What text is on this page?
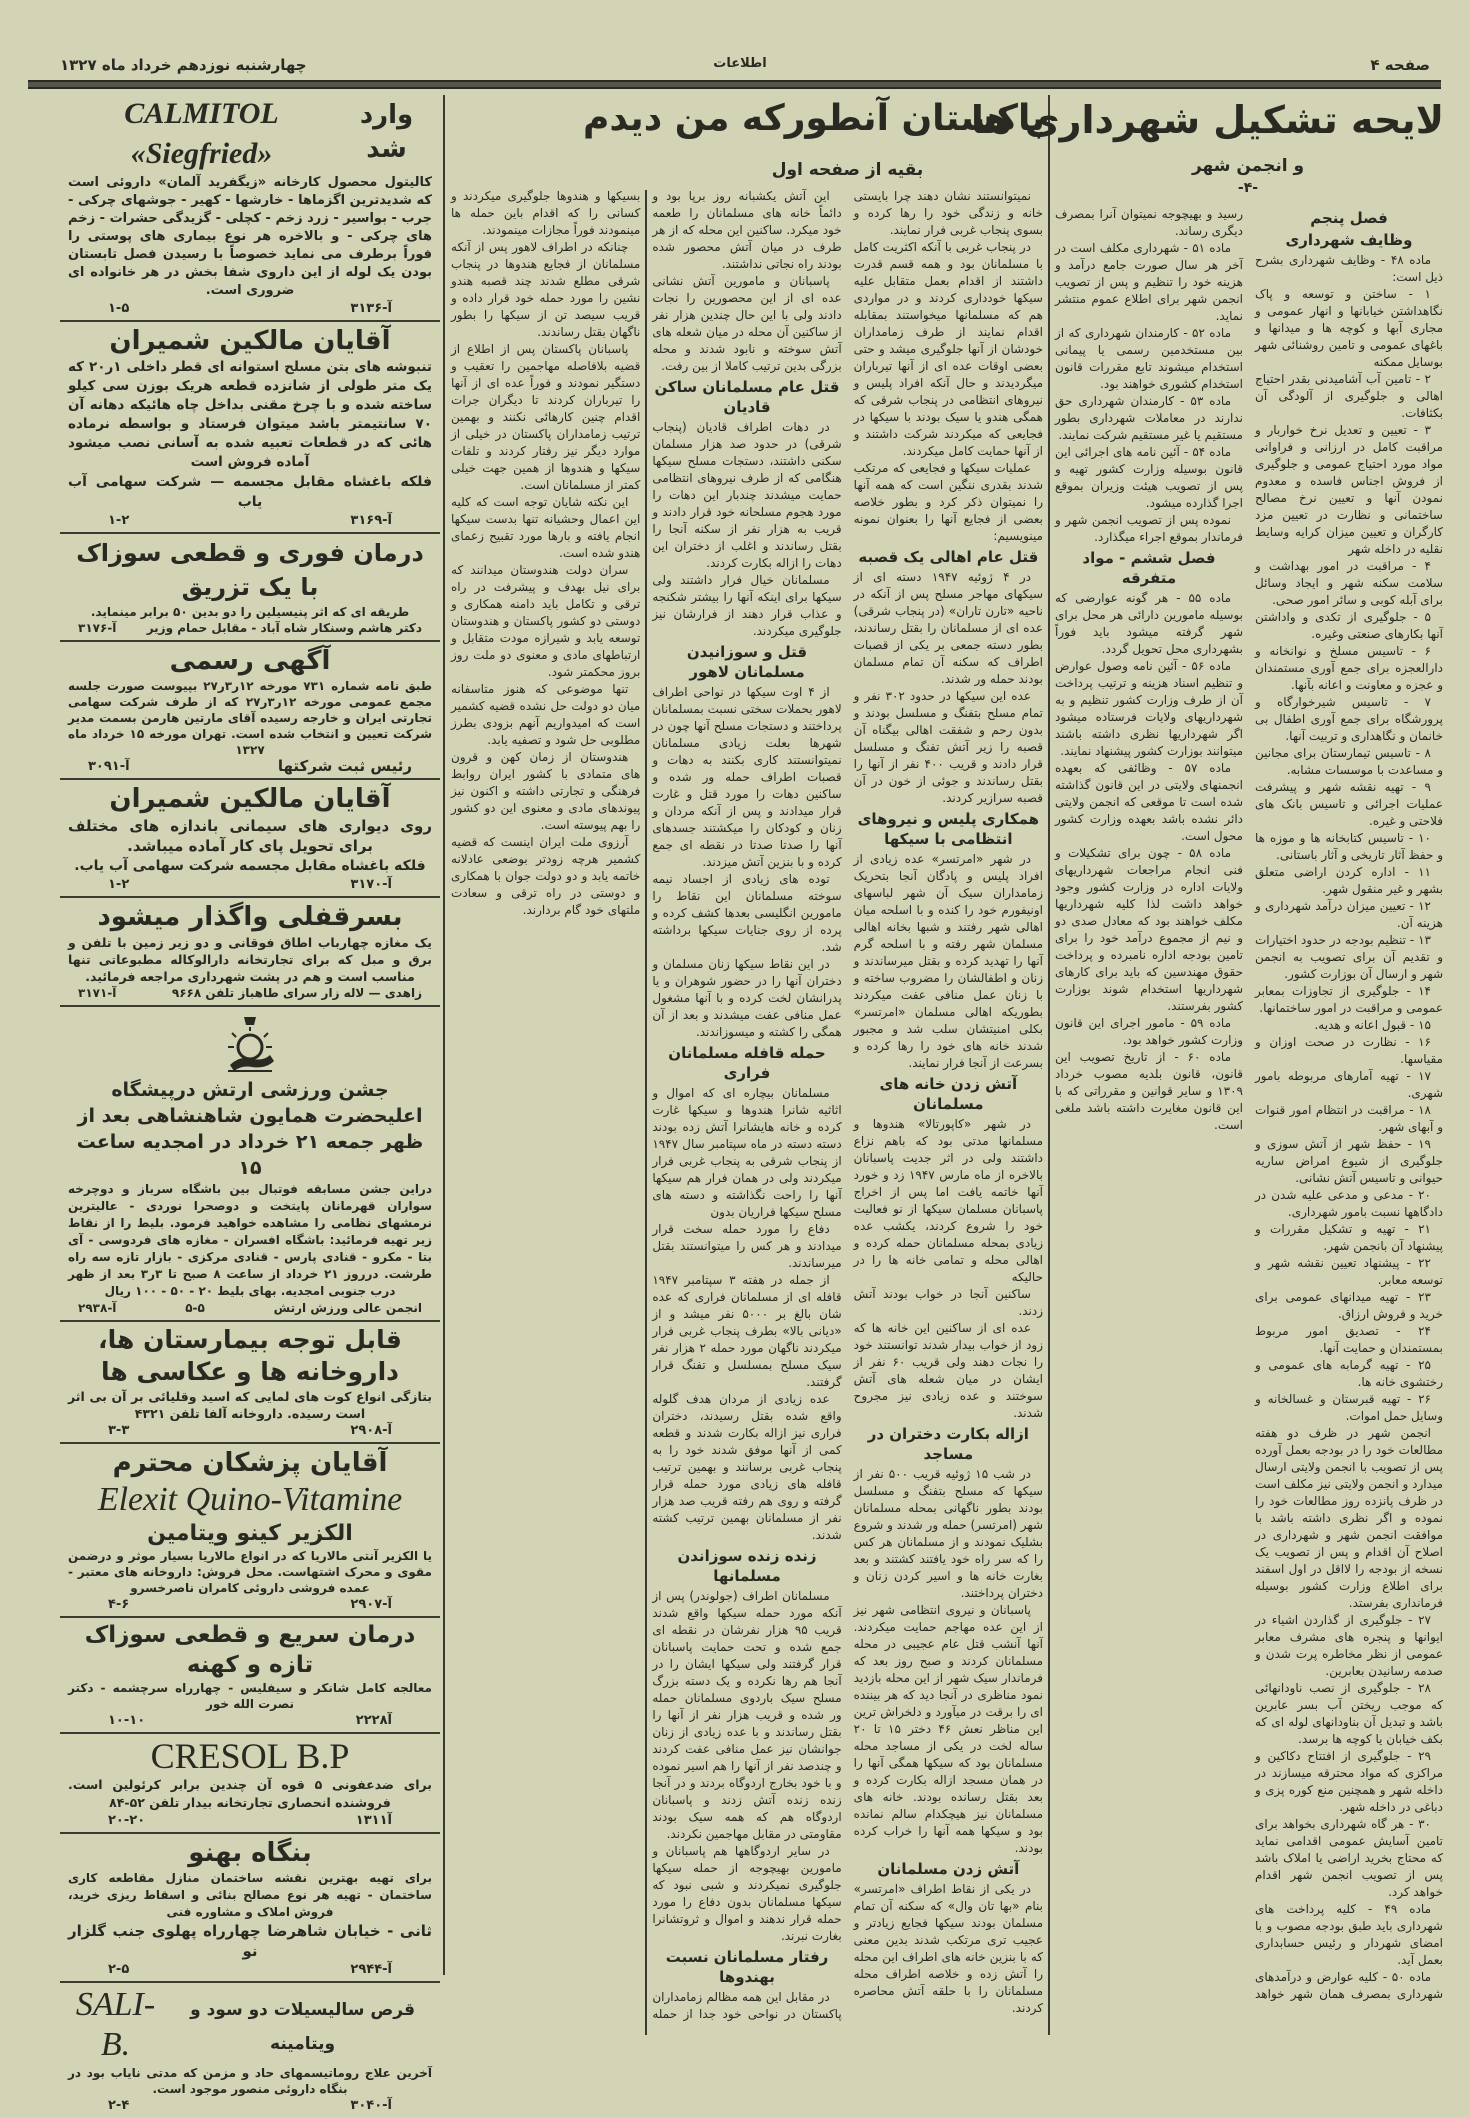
صفحه ۴
اطلاعات
چهارشنبه نوزدهم خرداد ماه ۱۳۲۷
لایحه تشکیل شهرداری ها
و انجمن شهر
-۴-
فصل پنجم
وظایف شهرداری

ماده ۴۸ - وظایف شهرداری بشرح ذیل است:

۱ - ساختن و توسعه و پاک نگاهداشتن خیابانها و انهار عمومی و مجاری آبها و کوچه ها و میدانها و باغهای عمومی و تامین روشنائی شهر بوسایل ممکنه

۲ - تامین آب آشامیدنی بقدر احتیاج اهالی و جلوگیری از آلودگی آن بکثافات.

۳ - تعیین و تعدیل نرخ خواربار و مراقبت کامل در ارزانی و فراوانی مواد مورد احتیاج عمومی و جلوگیری از فروش اجناس فاسده و معدوم نمودن آنها و تعیین نرخ مصالح ساختمانی و نظارت در تعیین مزد کارگران و تعیین میزان کرایه وسایط نقلیه در داخله شهر

۴ - مراقبت در امور بهداشت و سلامت سکنه شهر و ایجاد وسائل برای آبله کوبی و سائر امور صحی.

۵ - جلوگیری از تکدی و واداشتن آنها بکارهای صنعتی وغیره.

۶ - تاسیس مسلخ و نوانخانه و دارالعجزه برای جمع آوری مستمندان و عجزه و معاونت و اعانه بآنها.

۷ - تاسیس شیرخوارگاه و پرورشگاه برای جمع آوری اطفال بی خانمان و نگاهداری و تربیت آنها.

۸ - تاسیس تیمارستان برای مجانین و مساعدت با موسسات مشابه.

۹ - تهیه نقشه شهر و پیشرفت عملیات اجرائی و تاسیس بانک های فلاحتی و غیره.

۱۰ - تاسیس کتابخانه ها و موزه ها و حفظ آثار تاریخی و آثار باستانی.

۱۱ - اداره کردن اراضی متعلق بشهر و غیر منقول شهر.

۱۲ - تعیین میزان درآمد شهرداری و هزینه آن.

۱۳ - تنظیم بودجه در حدود اختیارات و تقدیم آن برای تصویب به انجمن شهر و ارسال آن بوزارت کشور.

۱۴ - جلوگیری از تجاوزات بمعابر عمومی و مراقبت در امور ساختمانها.

۱۵ - قبول اعانه و هدیه.

۱۶ - نظارت در صحت اوزان و مقیاسها.

۱۷ - تهیه آمارهای مربوطه بامور شهری.

۱۸ - مراقبت در انتظام امور قنوات و آبهای شهر.

۱۹ - حفظ شهر از آتش سوزی و جلوگیری از شیوع امراض ساریه حیوانی و تاسیس آتش نشانی.

۲۰ - مدعی و مدعی علیه شدن در دادگاهها نسبت بامور شهرداری.

۲۱ - تهیه و تشکیل مقررات و پیشنهاد آن بانجمن شهر.

۲۲ - پیشنهاد تعیین نقشه شهر و توسعه معابر.

۲۳ - تهیه میدانهای عمومی برای خرید و فروش ارزاق.

۲۴ - تصدیق امور مربوط بمستمندان و حمایت آنها.

۲۵ - تهیه گرمابه های عمومی و رختشوی خانه ها.

۲۶ - تهیه قبرستان و غسالخانه و وسایل حمل اموات.

انجمن شهر در ظرف دو هفته مطالعات خود را در بودجه بعمل آورده پس از تصویب با انجمن ولایتی ارسال میدارد و انجمن ولایتی نیز مکلف است در ظرف پانزده روز مطالعات خود را نموده و اگر نظری داشته باشد با موافقت انجمن شهر و شهرداری در اصلاح آن اقدام و پس از تصویب یک نسخه از بودجه را لااقل در اول اسفند برای اطلاع وزارت کشور بوسیله فرمانداری بفرستد.

۲۷ - جلوگیری از گذاردن اشیاء در ایوانها و پنجره های مشرف معابر عمومی از نظر مخاطره پرت شدن و صدمه رسانیدن بعابرین.

۲۸ - جلوگیری از نصب ناودانهائی که موجب ریختن آب بسر عابرین باشد و تبدیل آن بناودانهای لوله ای که بکف خیابان یا کوچه ها برسد.

۲۹ - جلوگیری از افتتاح دکاکین و مراکزی که مواد محترقه میسازند در داخله شهر و همچنین منع کوره پزی و دباغی در داخله شهر.

۳۰ - هر گاه شهرداری بخواهد برای تامین آسایش عمومی اقدامی نماید که محتاج بخرید اراضی یا املاک باشد پس از تصویب انجمن شهر اقدام خواهد کرد.

ماده ۴۹ - کلیه پرداخت های شهرداری باید طبق بودجه مصوب و با امضای شهردار و رئیس حسابداری بعمل آید.

ماده ۵۰ - کلیه عوارض و درآمدهای شهرداری بمصرف همان شهر خواهد رسید و بهیچوجه نمیتوان آنرا بمصرف دیگری رساند.

ماده ۵۱ - شهرداری مکلف است در آخر هر سال صورت جامع درآمد و هزینه خود را تنظیم و پس از تصویب انجمن شهر برای اطلاع عموم منتشر نماید.

ماده ۵۲ - کارمندان شهرداری که از بین مستخدمین رسمی یا پیمانی استخدام میشوند تابع مقررات قانون استخدام کشوری خواهند بود.

ماده ۵۳ - کارمندان شهرداری حق ندارند در معاملات شهرداری بطور مستقیم یا غیر مستقیم شرکت نمایند.

ماده ۵۴ - آئین نامه های اجرائی این قانون بوسیله وزارت کشور تهیه و پس از تصویب هیئت وزیران بموقع اجرا گذارده میشود.

نموده پس از تصویب انجمن شهر و فرماندار بموقع اجراء میگذارد.

فصل ششم - مواد متفرقه

ماده ۵۵ - هر گونه عوارضی که بوسیله مامورین دارائی هر محل برای شهر گرفته میشود باید فوراً بشهرداری محل تحویل گردد.

ماده ۵۶ - آئین نامه وصول عوارض و تنظیم اسناد هزینه و ترتیب پرداخت آن از طرف وزارت کشور تنظیم و به شهرداریهای ولایات فرستاده میشود اگر شهرداریها نظری داشته باشند میتوانند بوزارت کشور پیشنهاد نمایند.

ماده ۵۷ - وظائفی که بعهده انجمنهای ولایتی در این قانون گذاشته شده است تا موقعی که انجمن ولایتی دائر نشده باشد بعهده وزارت کشور محول است.

ماده ۵۸ - چون برای تشکیلات و فنی انجام مراجعات شهرداریهای ولایات اداره در وزارت کشور وجود خواهد داشت لذا کلیه شهرداریها مکلف خواهند بود که معادل صدی دو و نیم از مجموع درآمد خود را برای تامین بودجه اداره نامبرده و پرداخت حقوق مهندسین که باید برای کارهای شهرداریها استخدام شوند بوزارت کشور بفرستند.

ماده ۵۹ - مامور اجرای این قانون وزارت کشور خواهد بود.

ماده ۶۰ - از تاریخ تصویب این قانون، قانون بلدیه مصوب خرداد ۱۳۰۹ و سایر قوانین و مقرراتی که با این قانون مغایرت داشته باشد ملغی است.

پاکستان آنطورکه من دیدم
بقیه از صفحه اول

نمیتوانستند نشان دهند چرا بایستی خانه و زندگی خود را رها کرده و بسوی پنجاب غربی فرار نمایند.

در پنجاب غربی با آنکه اکثریت کامل با مسلمانان بود و همه قسم قدرت داشتند از اقدام بعمل متقابل علیه سیکها خودداری کردند و در مواردی هم که مسلمانها میخواستند بمقابله اقدام نمایند از طرف زمامداران خودشان از آنها جلوگیری میشد و حتی بعضی اوقات عده ای از آنها تیرباران میگردیدند و حال آنکه افراد پلیس و نیروهای انتظامی در پنجاب شرقی که همگی هندو یا سیک بودند با سیکها در فجایعی که میکردند شرکت داشتند و از آنها حمایت کامل میکردند.

عملیات سیکها و فجایعی که مرتکب شدند بقدری ننگین است که همه آنها را نمیتوان ذکر کرد و بطور خلاصه بعضی از فجایع آنها را بعنوان نمونه مینویسیم:

قتل عام اهالی یک قصبه

در ۴ ژوئیه ۱۹۴۷ دسته ای از سیکهای مهاجر مسلح پس از آنکه در ناحیه «تارن تاران» (در پنجاب شرقی) عده ای از مسلمانان را بقتل رساندند، بطور دسته جمعی بر یکی از قصبات اطراف که سکنه آن تمام مسلمان بودند حمله ور شدند.

عده این سیکها در حدود ۳۰۲ نفر و تمام مسلح بتفنگ و مسلسل بودند و بدون رحم و شفقت اهالی بیگناه آن قصبه را زیر آتش تفنگ و مسلسل قرار دادند و قریب ۴۰۰ نفر از آنها را بقتل رساندند و جوئی از خون در آن قصبه سرازیر کردند.

همکاری پلیس و نیروهای انتظامی با سیکها

در شهر «امرتسر» عده زیادی از افراد پلیس و پادگان آنجا بتحریک زمامداران سیک آن شهر لباسهای اونیفورم خود را کنده و با اسلحه میان اهالی شهر رفتند و شبها بخانه اهالی مسلمان شهر رفته و با اسلحه گرم آنها را تهدید کرده و بقتل میرساندند و زنان و اطفالشان را مضروب ساخته و با زنان عمل منافی عفت میکردند بطوریکه اهالی مسلمان «امرتسر» بکلی امنیتشان سلب شد و مجبور شدند خانه های خود را رها کرده و بسرعت از آنجا فرار نمایند.

آتش زدن خانه های مسلمانان

در شهر «کاپورتالا» هندوها و مسلمانها مدتی بود که باهم نزاع داشتند ولی در اثر جدیت پاسبانان بالاخره از ماه مارس ۱۹۴۷ زد و خورد آنها خاتمه یافت اما پس از اخراج پاسبانان مسلمان سیکها از نو فعالیت خود را شروع کردند، یکشب عده زیادی بمحله مسلمانان حمله کرده و اهالی محله و تمامی خانه ها را در حالیکه

ساکنین آنجا در خواب بودند آتش زدند.

عده ای از ساکنین این خانه ها که زود از خواب بیدار شدند توانستند خود را نجات دهند ولی قریب ۶۰ نفر از ایشان در میان شعله های آتش سوختند و عده زیادی نیز مجروح شدند.

ازاله بکارت دختران در مساجد

در شب ۱۵ ژوئیه قریب ۵۰۰ نفر از سیکها که مسلح بتفنگ و مسلسل بودند بطور ناگهانی بمحله مسلمانان شهر (امرتسر) حمله ور شدند و شروع بشلیک نمودند و از مسلمانان هر کس را که سر راه خود یافتند کشتند و بعد بغارت خانه ها و اسیر کردن زنان و دختران پرداختند.

پاسبانان و نیروی انتظامی شهر نیز از این عده مهاجم حمایت میکردند. آنها آنشب قتل عام عجیبی در محله مسلمانان کردند و صبح روز بعد که فرماندار سیک شهر از این محله بازدید نمود مناظری در آنجا دید که هر بیننده ای را برقت در میآورد و دلخراش ترین این مناظر نعش ۴۶ دختر ۱۵ تا ۲۰ ساله لخت در یکی از مساجد محله مسلمانان بود که سیکها همگی آنها را در همان مسجد ازاله بکارت کرده و بعد بقتل رسانده بودند. خانه های مسلمانان نیز هیچکدام سالم نمانده بود و سیکها همه آنها را خراب کرده بودند.

آتش زدن مسلمانان

در یکی از نقاط اطراف «امرتسر» بنام «بها تان وال» که سکنه آن تمام مسلمان بودند سیکها فجایع زیادتر و عجیب تری مرتکب شدند بدین معنی که با بنزین خانه های اطراف این محله را آتش زده و خلاصه اطراف محله مسلمانان را با حلقه آتش محاصره کردند.

این آتش یکشبانه روز برپا بود و دائماً خانه های مسلمانان را طعمه خود میکرد. ساکنین این محله که از هر طرف در میان آتش محصور شده بودند راه نجاتی نداشتند.

پاسبانان و مامورین آتش نشانی عده ای از این محصورین را نجات دادند ولی با این حال چندین هزار نفر از ساکنین آن محله در میان شعله های آتش سوخته و نابود شدند و محله بزرگی بدین ترتیب کاملا از بین رفت.

قتل عام مسلمانان ساکن قادیان

در دهات اطراف قادیان (پنجاب شرقی) در حدود صد هزار مسلمان سکنی داشتند، دستجات مسلح سیکها هنگامی که از طرف نیروهای انتظامی حمایت میشدند چندبار این دهات را مورد هجوم مسلحانه خود قرار دادند و قریب به هزار نفر از سکنه آنجا را بقتل رساندند و اغلب از دختران این دهات را ازاله بکارت کردند.

مسلمانان خیال فرار داشتند ولی سیکها برای اینکه آنها را بیشتر شکنجه و عذاب قرار دهند از فرارشان نیز جلوگیری میکردند.

قتل و سوزانیدن مسلمانان لاهور

از ۴ اوت سیکها در نواحی اطراف لاهور بحملات سختی نسبت بمسلمانان پرداختند و دستجات مسلح آنها چون در شهرها بعلت زیادی مسلمانان نمیتوانستند کاری بکنند به دهات و قصبات اطراف حمله ور شده و ساکنین دهات را مورد قتل و غارت قرار میدادند و پس از آنکه مردان و زنان و کودکان را میکشتند جسدهای آنها را صدتا صدتا در نقطه ای جمع کرده و با بنزین آتش میزدند.

توده های زیادی از اجساد نیمه سوخته مسلمانان این نقاط را مامورین انگلیسی بعدها کشف کرده و پرده از روی جنایات سیکها برداشته شد.

در این نقاط سیکها زنان مسلمان و دختران آنها را در حضور شوهران و یا پدرانشان لخت کرده و با آنها مشغول عمل منافی عفت میشدند و بعد از آن همگی را کشته و میسوزاندند.

حمله قافله مسلمانان فراری

مسلمانان بیچاره ای که اموال و اثاثیه شانرا هندوها و سیکها غارت کرده و خانه هایشانرا آتش زده بودند دسته دسته در ماه سپتامبر سال ۱۹۴۷ از پنجاب شرقی به پنجاب غربی فرار میکردند ولی در همان فرار هم سیکها آنها را راحت نگذاشته و دسته های مسلح سیکها فراریان بدون

دفاع را مورد حمله سخت قرار میدادند و هر کس را میتوانستند بقتل میرساندند.

از جمله در هفته ۳ سپتامبر ۱۹۴۷ قافله ای از مسلمانان فراری که عده شان بالغ بر ۵۰۰۰ نفر میشد و از «دیانی بالا» بطرف پنجاب غربی فرار میکردند ناگهان مورد حمله ۲ هزار نفر سیک مسلح بمسلسل و تفنگ قرار گرفتند.

عده زیادی از مردان هدف گلوله واقع شده بقتل رسیدند، دختران فراری نیز ازاله بکارت شدند و قطعه کمی از آنها موفق شدند خود را به پنجاب غربی برسانند و بهمین ترتیب قافله های زیادی مورد حمله قرار گرفته و روی هم رفته قریب صد هزار نفر از مسلمانان بهمین ترتیب کشته شدند.

زنده زنده سوزاندن مسلمانها

مسلمانان اطراف (جولوندر) پس از آنکه مورد حمله سیکها واقع شدند قریب ۹۵ هزار نفرشان در نقطه ای جمع شده و تحت حمایت پاسبانان قرار گرفتند ولی سیکها ایشان را در آنجا هم رها نکرده و یک دسته بزرگ مسلح سیک باردوی مسلمانان حمله ور شده و قریب هزار نفر از آنها را بقتل رساندند و با عده زیادی از زنان جوانشان نیز عمل منافی عفت کردند و چندصد نفر از آنها را هم اسیر نموده و با خود بخارج اردوگاه بردند و در آنجا زنده زنده آتش زدند و پاسبانان اردوگاه هم که همه سیک بودند مقاومتی در مقابل مهاجمین نکردند.

در سایر اردوگاهها هم پاسبانان و مامورین بهیچوجه از حمله سیکها جلوگیری نمیکردند و شبی نبود که سیکها مسلمانان بدون دفاع را مورد حمله قرار ندهند و اموال و ثروتشانرا بغارت نبرند.

رفتار مسلمانان نسبت بهندوها

در مقابل این همه مظالم زمامداران پاکستان در نواحی خود جدا از حمله بسیکها و هندوها جلوگیری میکردند و کسانی را که اقدام باین حمله ها مینمودند فوراً مجازات مینمودند.

چنانکه در اطراف لاهور پس از آنکه مسلمانان از فجایع هندوها در پنجاب شرقی مطلع شدند چند قصبه هندو نشین را مورد حمله خود قرار داده و قریب سیصد تن از سیکها را بطور ناگهان بقتل رساندند.

پاسبانان پاکستان پس از اطلاع از قضیه بلافاصله مهاجمین را تعقیب و دستگیر نمودند و فوراً عده ای از آنها را تیرباران کردند تا دیگران جرات اقدام چنین کارهائی نکنند و بهمین ترتیب زمامداران پاکستان در خیلی از موارد دیگر نیز رفتار کردند و تلفات سیکها و هندوها از همین جهت خیلی کمتر از مسلمانان است.

این نکته شایان توجه است که کلیه این اعمال وحشیانه تنها بدست سیکها انجام یافته و بارها مورد تقبیح زعمای هندو شده است.

سران دولت هندوستان میدانند که برای نیل بهدف و پیشرفت در راه ترقی و تکامل باید دامنه همکاری و دوستی دو کشور پاکستان و هندوستان توسعه یابد و شیرازه مودت متقابل و ارتباطهای مادی و معنوی دو ملت روز بروز محکمتر شود.

تنها موضوعی که هنوز متاسفانه میان دو دولت حل نشده قضیه کشمیر است که امیدواریم آنهم بزودی بطرز مطلوبی حل شود و تصفیه یابد.

هندوستان از زمان کهن و قرون های متمادی با کشور ایران روابط فرهنگی و تجارتی داشته و اکنون نیز پیوندهای مادی و معنوی این دو کشور را بهم پیوسته است.

آرزوی ملت ایران اینست که قضیه کشمیر هرچه زودتر بوضعی عادلانه خاتمه یابد و دو دولت جوان با همکاری و دوستی در راه ترقی و سعادت ملتهای خود گام بردارند.

وارد شد
CALMITOL «Siegfried»
کالیتول محصول کارخانه «زیگفرید آلمان» داروئی است که شدیدترین اگزماها - خارشها - کهیر - جوشهای چرکی - جرب - بواسیر - زرد زخم - کچلی - گزیدگی حشرات - زخم های چرکی - و بالاخره هر نوع بیماری های پوستی را فوراً برطرف می نماید خصوصاً با رسیدن فصل تابستان بودن یک لوله از این داروی شفا بخش در هر خانواده ای ضروری است.
آ-۳۱۳۶
۱-۵
آقایان مالکین شمیران
تنبوشه های بتن مسلح استوانه ای قطر داخلی ۱ر۲۰ که یک متر طولی از شانزده قطعه هریک بوزن سی کیلو ساخته شده و با چرخ مقنی بداخل چاه هائیکه دهانه آن ۷۰ سانتیمتر باشد میتوان فرستاد و بواسطه نرماده هائی که در قطعات تعبیه شده به آسانی نصب میشود آماده فروش است
فلکه باغشاه مقابل مجسمه — شرکت سهامی آب یاب
آ-۳۱۶۹
۱-۲
درمان فوری و قطعی سوزاک با یک تزریق
طریقه ای که اثر پنیسیلین را دو بدین ۵۰ برابر مینماید.
دکتر هاشم وسنکار شاه آباد - مقابل حمام وزیر
آ-۳۱۷۶
آگهی رسمی
طبق نامه شماره ۷۳۱ مورخه ۱۲ر۳ر۲۷ بپیوست صورت جلسه مجمع عمومی مورخه ۱۲ر۳ر۲۷ که از طرف شرکت سهامی تجارتی ایران و خارجه رسیده آقای مارتین هارمن بسمت مدیر شرکت تعیین و انتخاب شده است. تهران مورخه ۱۵ خرداد ماه ۱۳۲۷
رئیس ثبت شرکتها
آ-۳۰۹۱
آقایان مالکین شمیران
روی دیواری های سیمانی باندازه های مختلف برای تحویل پای کار آماده میباشد.
فلکه باغشاه مقابل مجسمه شرکت سهامی آب یاب.
آ-۳۱۷۰
۱-۲
بسرقفلی واگذار میشود
یک مغازه چهارباب اطاق فوقانی و دو زیر زمین با تلفن و برق و مبل که برای تجارتخانه دارالوکاله مطبوعاتی تنها مناسب است و هم در پشت شهرداری مراجعه فرمائید.
زاهدی — لاله زار سرای طاهباز تلفن ۹۶۶۸
آ-۳۱۷۱
جشن ورزشی ارتش درپیشگاه اعلیحضرت همایون شاهنشاهی بعد از ظهر جمعه ۲۱ خرداد در امجدیه ساعت ۱۵
دراین جشن مسابقه فوتبال بین باشگاه سرباز و دوچرخه سواران قهرمانان پایتخت و دوصحرا نوردی - عالیترین نرمشهای نظامی را مشاهده خواهید فرمود. بلیط را از نقاط زیر تهیه فرمائید: باشگاه افسران - مغازه های فردوسی - آی بتا - مکرو - قنادی پارس - قنادی مرکزی - بازار تازه سه راه طرشت. درروز ۲۱ خرداد از ساعت ۸ صبح تا ۳ر۳ بعد از ظهر درب جنوبی امجدیه. بهای بلیط ۲۰ - ۵۰ - ۱۰۰ ریال
انجمن عالی ورزش ارتش
۵-۵
آ-۲۹۳۸
قابل توجه بیمارستان ها، داروخانه ها و عکاسی ها
بتازگی انواع کوت های لمایی که اسید وقلیائی بر آن بی اثر است رسیده. داروخانه آلفا تلفن ۴۳۲۱
آ-۲۹۰۸
۳-۳
آقایان پزشکان محترم
Elexit Quino-Vitamine
الکزیر کینو ویتامین
یا الکزیر آنتی مالاریا که در انواع مالاریا بسیار موثر و درضمن مقوی و محرک اشتهاست. محل فروش: داروخانه های معتبر - عمده فروشی داروئی کامران ناصرخسرو
آ-۲۹۰۷
۴-۶
درمان سریع و قطعی سوزاک تازه و کهنه
معالجه کامل شانکر و سیفلیس - چهارراه سرچشمه - دکتر نصرت الله خور
آ۲۲۲۸
۱۰-۱۰
CRESOL B.P
برای ضدعفونی ۵ قوه آن چندین برابر کرئولین است. فروشنده انحصاری تجارتخانه بیدار تلفن ۵۲-۸۴
آ۱۳۱۱
۲۰-۲۰
بنگاه بهنو
برای تهیه بهترین نقشه ساختمان منازل مقاطعه کاری ساختمان - تهیه هر نوع مصالح بنائی و اسقاط ریزی خرید، فروش املاک و مشاوره فنی
ثانی - خیابان شاهرضا چهارراه پهلوی جنب گلزار نو
آ-۲۹۴۴
۲-۵
قرص سالیسیلات دو سود و ویتامینه
SALI-B.
آخرین علاج روماتیسمهای حاد و مزمن که مدتی نایاب بود در بنگاه داروئی منصور موجود است.
آ-۳۰۴۰
۲-۴
